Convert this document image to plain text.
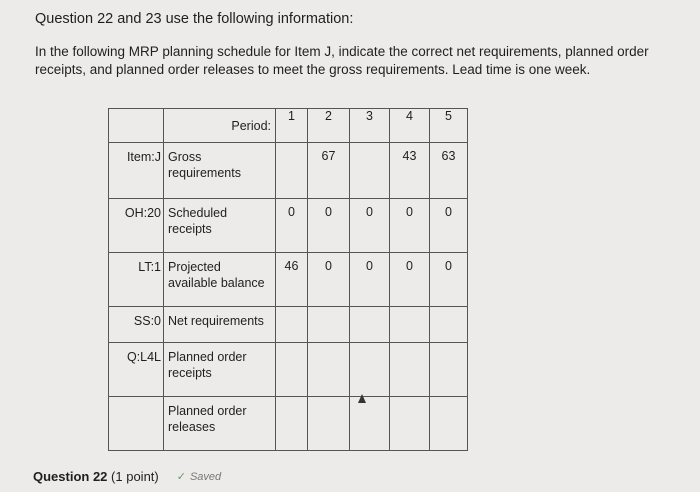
Question 22 and 23 use the following information:

In the following MRP planning schedule for Item J, indicate the correct net requirements, planned order receipts, and planned order releases to meet the gross requirements. Lead time is one week.

	Period:	1	2	3	4	5
Item:J	Gross requirements		67		43	63
OH:20	Scheduled receipts	0	0	0	0	0
LT:1	Projected available balance	46	0	0	0	0
SS:0	Net requirements					
Q:L4L	Planned order receipts					
	Planned order releases					
Question 22
(1 point) ✓ Saved
